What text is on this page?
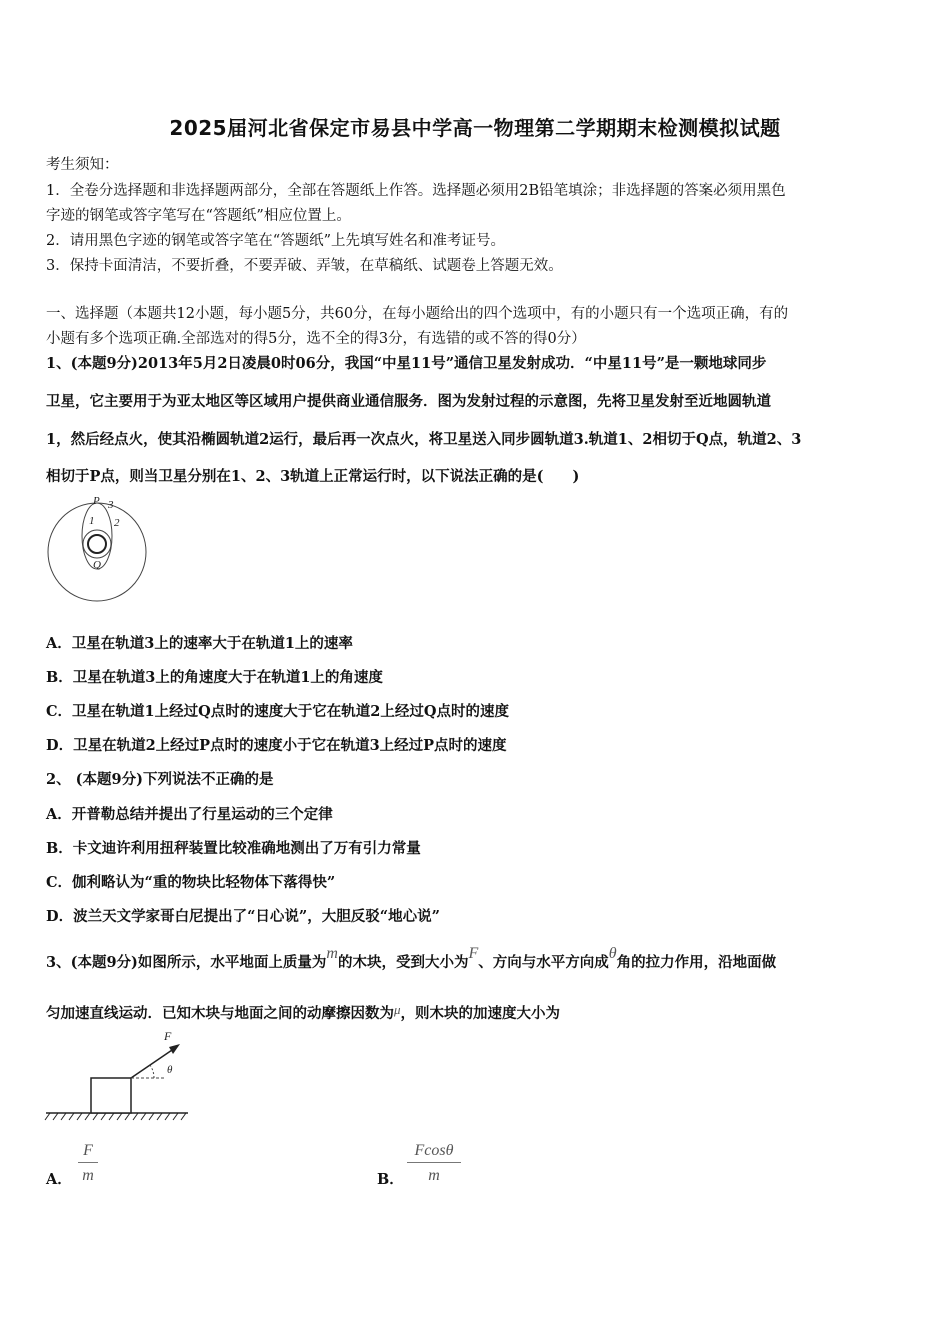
2025届河北省保定市易县中学高一物理第二学期期末检测模拟试题
考生须知：
1．全卷分选择题和非选择题两部分，全部在答题纸上作答。选择题必须用2B铅笔填涂；非选择题的答案必须用黑色
字迹的钢笔或答字笔写在“答题纸”相应位置上。
2．请用黑色字迹的钢笔或答字笔在“答题纸”上先填写姓名和准考证号。
3．保持卡面清洁，不要折叠，不要弄破、弄皱，在草稿纸、试题卷上答题无效。
一、选择题（本题共12小题，每小题5分，共60分，在每小题给出的四个选项中，有的小题只有一个选项正确，有的
小题有多个选项正确.全部选对的得5分，选不全的得3分，有选错的或不答的得0分）
1、(本题9分)2013年5月2日凌晨0时06分，我国“中星11号”通信卫星发射成功．“中星11号”是一颗地球同步
卫星，它主要用于为亚太地区等区域用户提供商业通信服务．图为发射过程的示意图，先将卫星发射至近地圆轨道
1，然后经点火，使其沿椭圆轨道2运行，最后再一次点火，将卫星送入同步圆轨道3.轨道1、2相切于Q点，轨道2、3
相切于P点，则当卫星分别在1、2、3轨道上正常运行时，以下说法正确的是(　　)
P 3
1 2
Q
A．卫星在轨道3上的速率大于在轨道1上的速率
B．卫星在轨道3上的角速度大于在轨道1上的角速度
C．卫星在轨道1上经过Q点时的速度大于它在轨道2上经过Q点时的速度
D．卫星在轨道2上经过P点时的速度小于它在轨道3上经过P点时的速度
2、 (本题9分)下列说法不正确的是
A．开普勒总结并提出了行星运动的三个定律
B．卡文迪许利用扭秤装置比较准确地测出了万有引力常量
C．伽利略认为“重的物块比轻物体下落得快”
D．波兰天文学家哥白尼提出了“日心说”，大胆反驳“地心说”
3、(本题9分)如图所示，水平地面上质量为m的木块，受到大小为F、方向与水平方向成θ角的拉力作用，沿地面做
匀加速直线运动．已知木块与地面之间的动摩擦因数为μ，则木块的加速度大小为
F
θ
A． $\frac{F}{m}$	B． $\frac{Fcos\theta}{m}$
